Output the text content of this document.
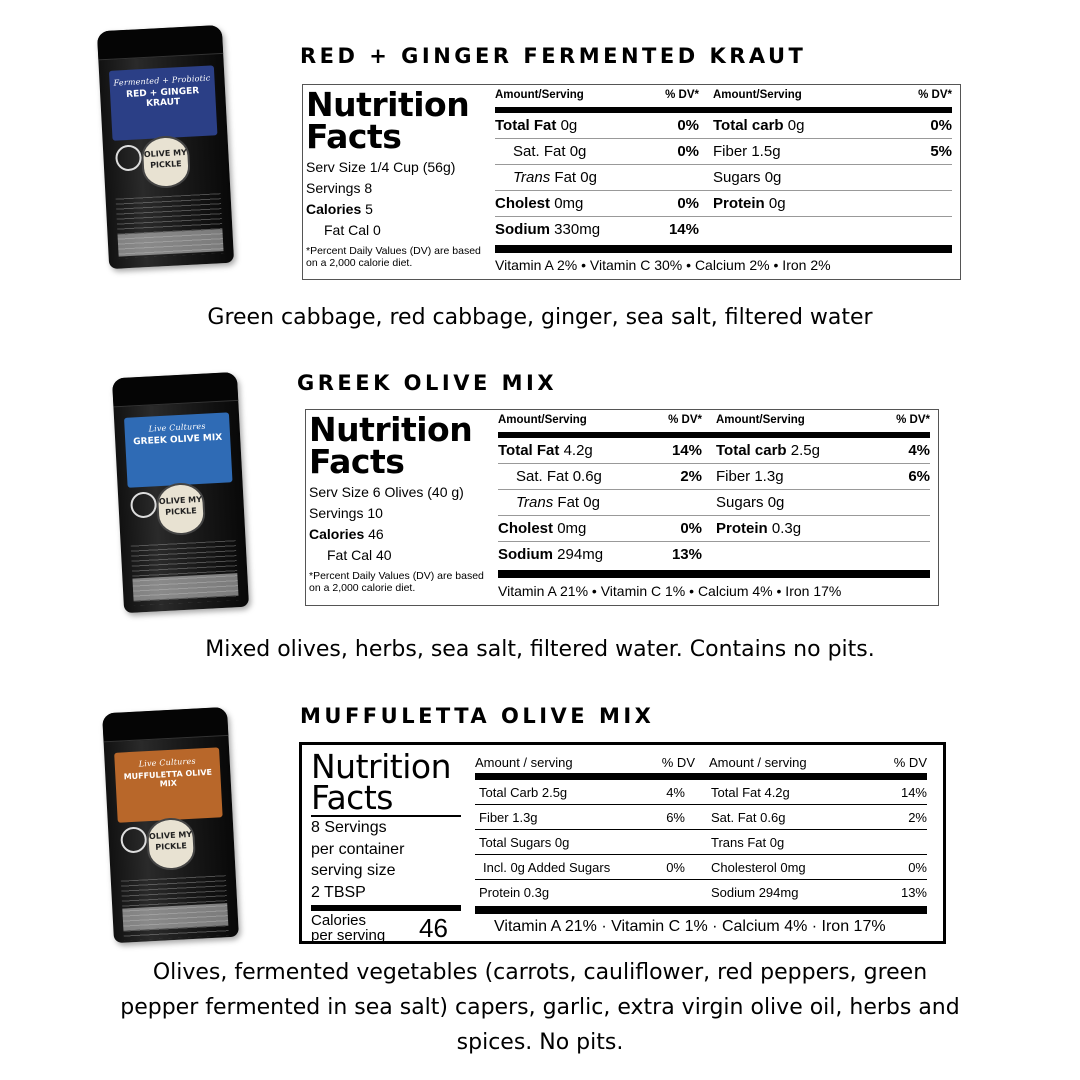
Fermented + Probiotic
RED + GINGER KRAUT
OLIVE MY PICKLE
RED + GINGER FERMENTED KRAUT
Nutrition
Facts
Serv Size 1/4 Cup (56g)
Servings 8
Calories 5
Fat Cal 0
*Percent Daily Values (DV) are based on a 2,000 calorie diet.
Amount/Serving	% DV*	Amount/Serving	% DV*
Total Fat 0g	0% Total carb 0g	0%
Sat. Fat 0g	0% Fiber 1.5g	5%
Trans Fat 0g	Sugars 0g
Cholest 0mg	0% Protein 0g
Sodium 330mg	14%
Vitamin A 2% • Vitamin C 30% • Calcium 2% • Iron 2%
Green cabbage, red cabbage, ginger, sea salt, filtered water
Live Cultures
GREEK OLIVE MIX
OLIVE MY PICKLE
GREEK OLIVE MIX
Nutrition
Facts
Serv Size 6 Olives (40 g)
Servings 10
Calories 46
Fat Cal 40
*Percent Daily Values (DV) are based on a 2,000 calorie diet.
Amount/Serving	% DV*	Amount/Serving	% DV*
Total Fat 4.2g	14% Total carb 2.5g	4%
Sat. Fat 0.6g	2% Fiber 1.3g	6%
Trans Fat 0g	Sugars 0g
Cholest 0mg	0% Protein 0.3g
Sodium 294mg	13%
Vitamin A 21% • Vitamin C 1% • Calcium 4% • Iron 17%
Mixed olives, herbs, sea salt, filtered water. Contains no pits.
Live Cultures
MUFFULETTA OLIVE MIX
OLIVE MY PICKLE
MUFFULETTA OLIVE MIX
Nutrition
Facts
8 Servings
per container
serving size
2 TBSP
Calories
per serving	46
Amount / serving	% DV	Amount / serving	% DV
Total Carb 2.5g	4%	Total Fat 4.2g	14%
Fiber 1.3g	6%	Sat. Fat 0.6g	2%
Total Sugars 0g	Trans Fat 0g
Incl. 0g Added Sugars	0%	Cholesterol 0mg	0%
Protein 0.3g	Sodium 294mg	13%
Vitamin A 21% · Vitamin C 1% · Calcium 4% · Iron 17%
Olives, fermented vegetables (carrots, cauliflower, red peppers, green
pepper fermented in sea salt) capers, garlic, extra virgin olive oil, herbs and
spices. No pits.
